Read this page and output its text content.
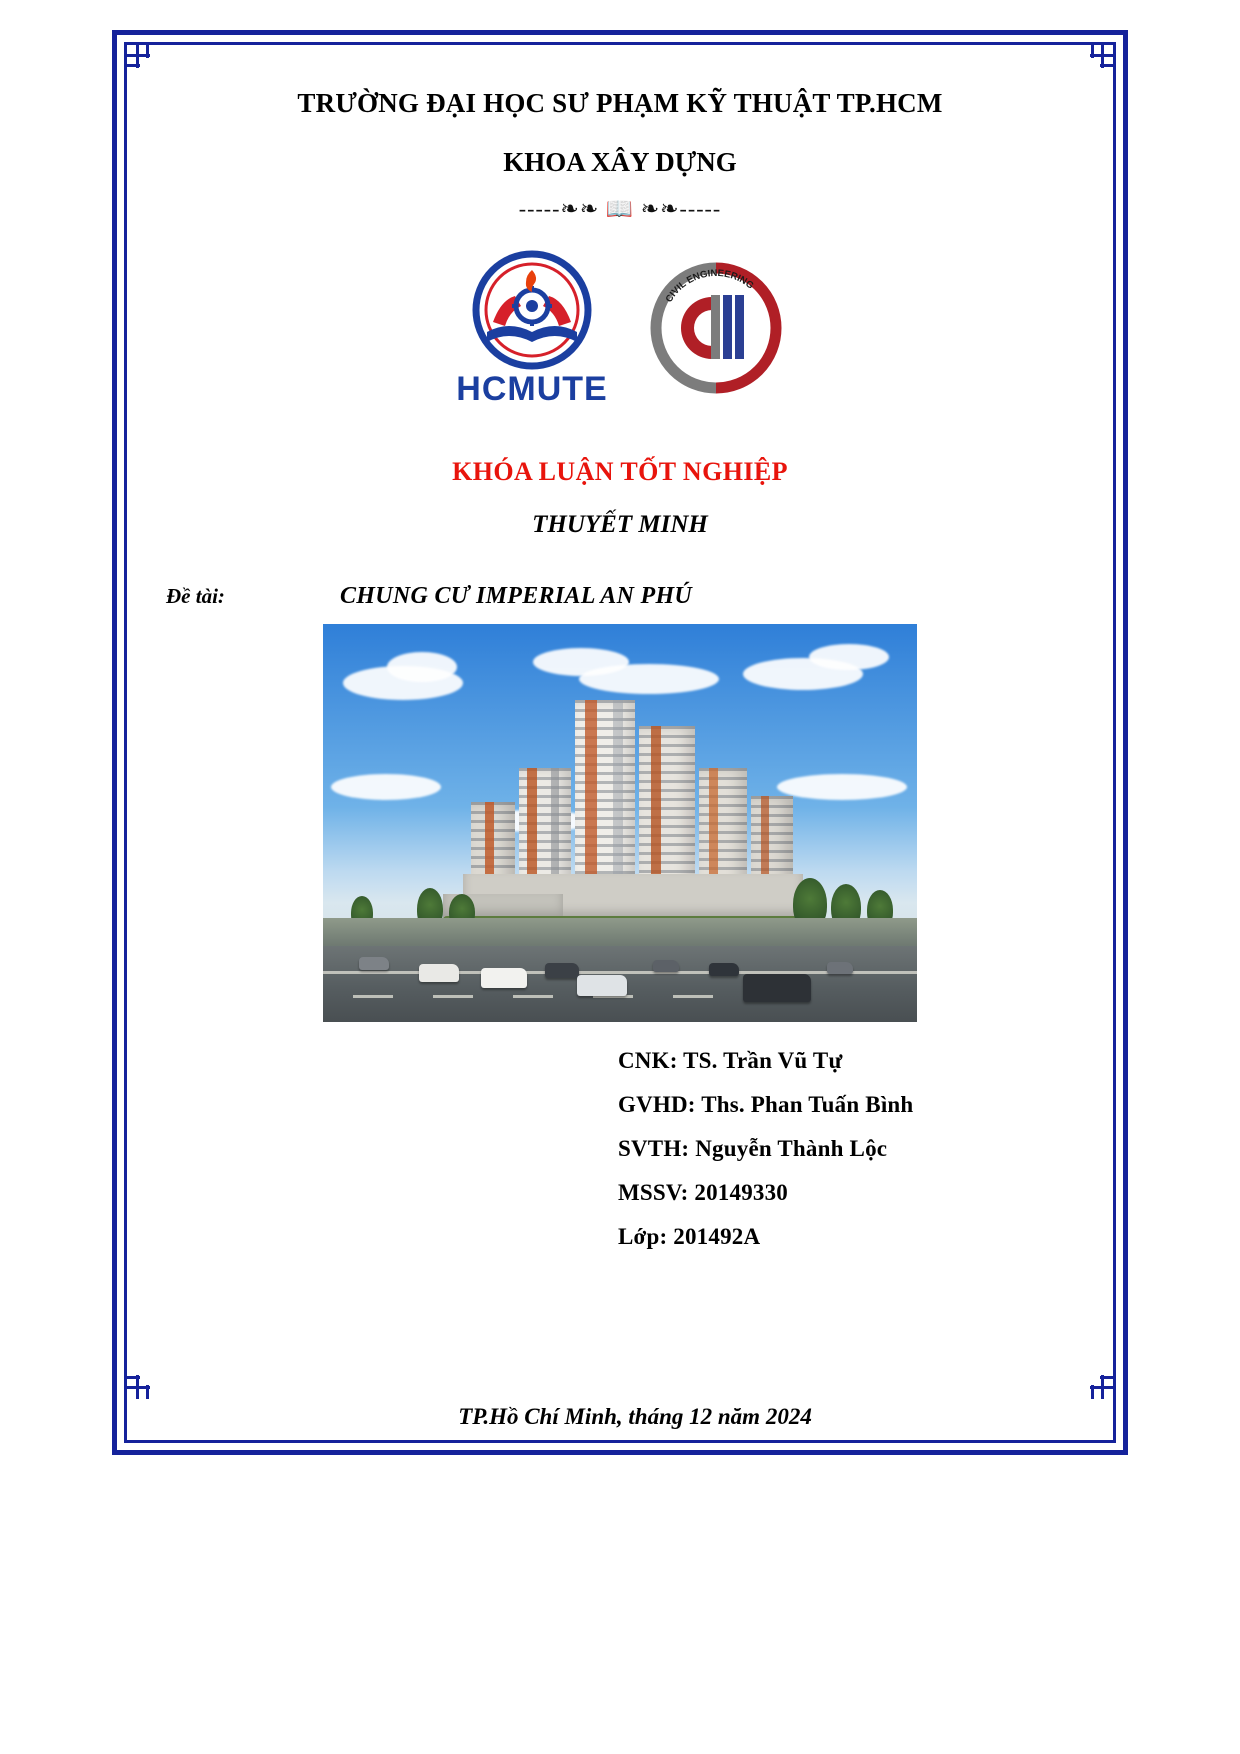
TRƯỜNG ĐẠI HỌC SƯ PHẠM KỸ THUẬT TP.HCM
KHOA XÂY DỰNG
-----❧❧ 📖 ❧❧-----
HCMUTE
CIVIL ENGINEERING
KHÓA LUẬN TỐT NGHIỆP
THUYẾT MINH
Đề tài:	CHUNG CƯ IMPERIAL AN PHÚ
CNK: TS. Trần Vũ Tự
GVHD: Ths. Phan Tuấn Bình
SVTH: Nguyễn Thành Lộc
MSSV: 20149330
Lớp: 201492A
TP.Hồ Chí Minh, tháng 12 năm 2024
